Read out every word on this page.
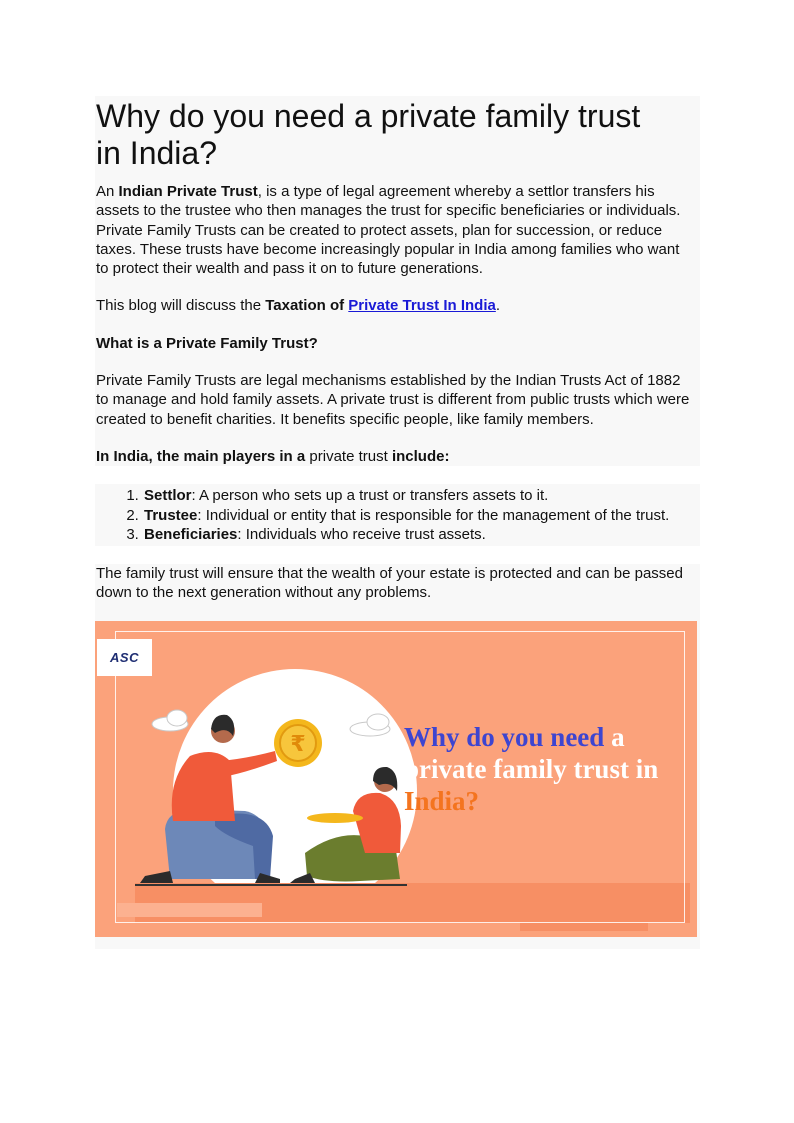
Why do you need a private family trust in India?

An Indian Private Trust, is a type of legal agreement whereby a settlor transfers his assets to the trustee who then manages the trust for specific beneficiaries or individuals. Private Family Trusts can be created to protect assets, plan for succession, or reduce taxes. These trusts have become increasingly popular in India among families who want to protect their wealth and pass it on to future generations.

This blog will discuss the Taxation of Private Trust In India.

What is a Private Family Trust?

Private Family Trusts are legal mechanisms established by the Indian Trusts Act of 1882 to manage and hold family assets. A private trust is different from public trusts which were created to benefit charities. It benefits specific people, like family members.

In India, the main players in a private trust include:

1. Settlor: A person who sets up a trust or transfers assets to it.
2. Trustee: Individual or entity that is responsible for the management of the trust.
3. Beneficiaries: Individuals who receive trust assets.

The family trust will ensure that the wealth of your estate is protected and can be passed down to the next generation without any problems.

₹
ASC
Why do you need a private family trust in India?
